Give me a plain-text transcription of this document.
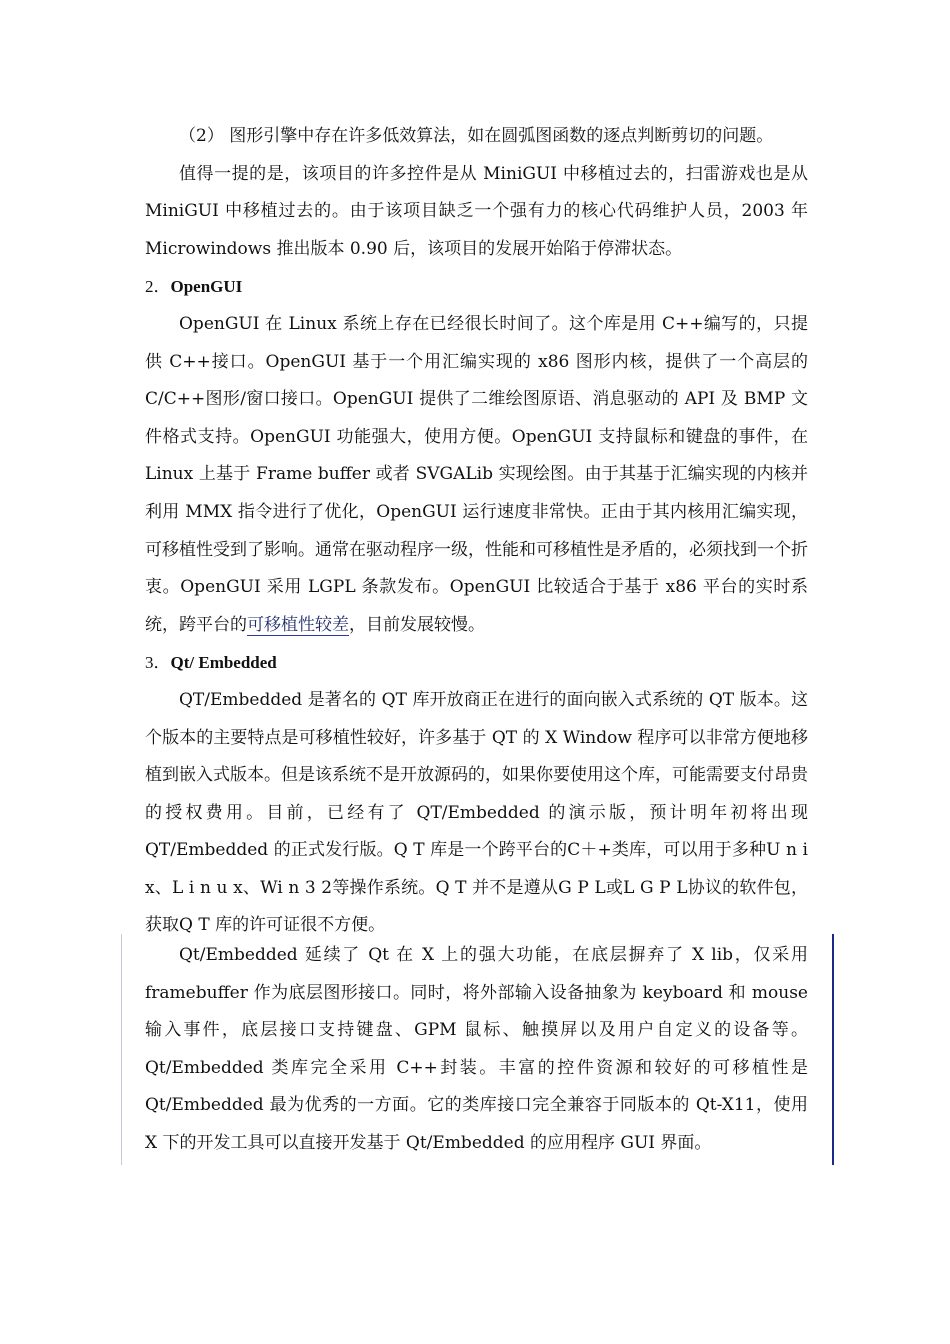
（2） 图形引擎中存在许多低效算法，如在圆弧图函数的逐点判断剪切的问题。

值得一提的是，该项目的许多控件是从 MiniGUI 中移植过去的，扫雷游戏也是从 MiniGUI 中移植过去的。由于该项目缺乏一个强有力的核心代码维护人员，2003 年 Microwindows 推出版本 0.90 后，该项目的发展开始陷于停滞状态。

2．OpenGUI

OpenGUI 在 Linux 系统上存在已经很长时间了。这个库是用 C++编写的，只提供 C++接口。OpenGUI 基于一个用汇编实现的 x86 图形内核，提供了一个高层的 C/C++图形/窗口接口。OpenGUI 提供了二维绘图原语、消息驱动的 API 及 BMP 文件格式支持。OpenGUI 功能强大，使用方便。OpenGUI 支持鼠标和键盘的事件，在 Linux 上基于 Frame buffer 或者 SVGALib 实现绘图。由于其基于汇编实现的内核并利用 MMX 指令进行了优化，OpenGUI 运行速度非常快。正由于其内核用汇编实现，可移植性受到了影响。通常在驱动程序一级，性能和可移植性是矛盾的，必须找到一个折衷。OpenGUI 采用 LGPL 条款发布。OpenGUI 比较适合于基于 x86 平台的实时系统，跨平台的可移植性较差，目前发展较慢。

3．Qt/ Embedded

QT/Embedded 是著名的 QT 库开放商正在进行的面向嵌入式系统的 QT 版本。这个版本的主要特点是可移植性较好，许多基于 QT 的 X Window 程序可以非常方便地移植到嵌入式版本。但是该系统不是开放源码的，如果你要使用这个库，可能需要支付昂贵的授权费用。目前，已经有了 QT/Embedded 的演示版，预计明年初将出现 QT/Embedded 的正式发行版。Q T 库是一个跨平台的C＋+类库，可以用于多种U n i x、L i n u x、Wi n 3 2等操作系统。Q T 并不是遵从G P L或L G P L协议的软件包，获取Q T 库的许可证很不方便。

Qt/Embedded 延续了 Qt 在 X 上的强大功能，在底层摒弃了 X lib，仅采用 framebuffer 作为底层图形接口。同时，将外部输入设备抽象为 keyboard 和 mouse 输入事件，底层接口支持键盘、GPM 鼠标、触摸屏以及用户自定义的设备等。Qt/Embedded 类库完全采用 C++封装。丰富的控件资源和较好的可移植性是 Qt/Embedded 最为优秀的一方面。它的类库接口完全兼容于同版本的 Qt-X11，使用 X 下的开发工具可以直接开发基于 Qt/Embedded 的应用程序 GUI 界面。
